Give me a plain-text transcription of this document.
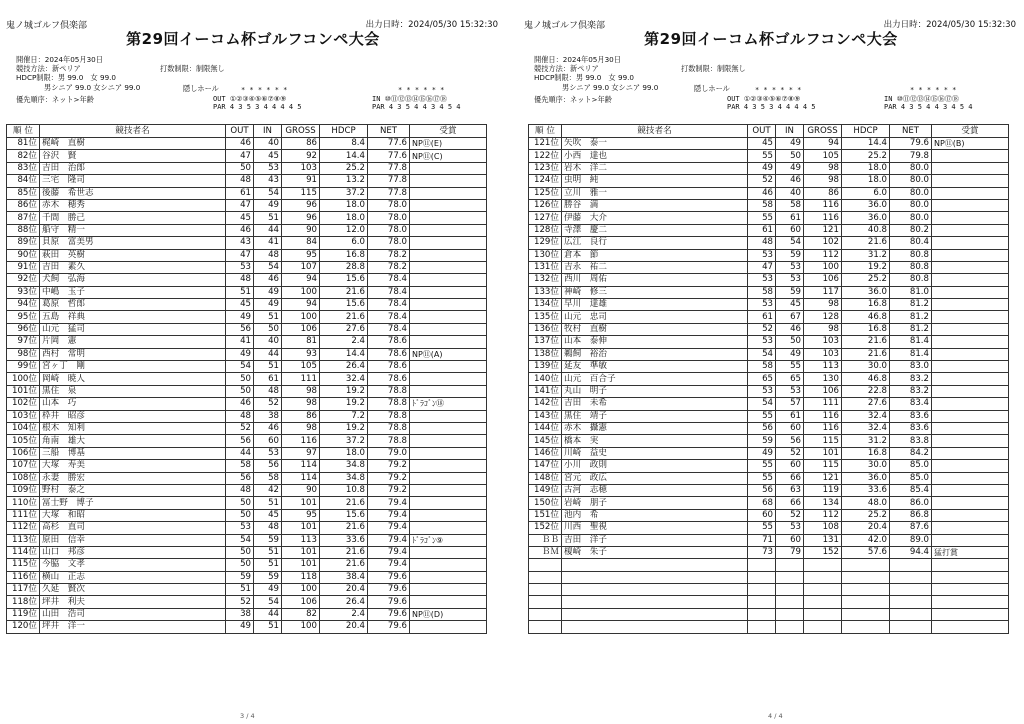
鬼ノ城ゴルフ倶楽部	出力日時：2024/05/30 15:32:30
第29回イーコム杯ゴルフコンペ大会
開催日：2024年05月30日
競技方法：新ペリア
HDCP制限：男 99.0　女 99.0
男シニア 99.0 女シニア 99.0
優先順序：ネット>年齢
打数制限：制限無し
隠しホール	* * * * * *
OUT ①②③④⑤⑥⑦⑧⑨
PAR 4 3 5 3 4 4 4 4 5
* * * * * *
IN ⑩⑪⑫⑬⑭⑮⑯⑰⑱
PAR 4 3 5 4 4 3 4 5 4
順 位	競技者名	OUT	IN	GROSS	HDCP	NET	受賞
81位	梶崎　直樹	46	40	86	8.4	77.6	NP⑪(E)
82位	谷沢　賢	47	45	92	14.4	77.6	NP⑪(C)
83位	吉田　治郎	50	53	103	25.2	77.8	
84位	三宅　隆司	48	43	91	13.2	77.8	
85位	後藤　希世志	61	54	115	37.2	77.8	
86位	赤木　穂秀	47	49	96	18.0	78.0	
87位	千間　勝己	45	51	96	18.0	78.0	
88位	船守　精一	46	44	90	12.0	78.0	
89位	貝原　富美男	43	41	84	6.0	78.0	
90位	萩田　英樹	47	48	95	16.8	78.2	
91位	吉田　素久	53	54	107	28.8	78.2	
92位	犬飼　弘海	48	46	94	15.6	78.4	
93位	中嶋　玉子	51	49	100	21.6	78.4	
94位	葛原　哲郎	45	49	94	15.6	78.4	
95位	五島　祥典	49	51	100	21.6	78.4	
96位	山元　猛司	56	50	106	27.6	78.4	
97位	片岡　憲	41	40	81	2.4	78.6	
98位	西村　常明	49	44	93	14.4	78.6	NP⑪(A)
99位	宮ヶ丁　剛	54	51	105	26.4	78.6	
100位	岡崎　暁人	50	61	111	32.4	78.6	
101位	黒住　泉	50	48	98	19.2	78.8	
102位	山本　巧	46	52	98	19.2	78.8	ﾄﾞﾗｺﾞﾝ⑱
103位	枠井　昭彦	48	38	86	7.2	78.8	
104位	根木　知利	52	46	98	19.2	78.8	
105位	角南　雄大	56	60	116	37.2	78.8	
106位	三船　博基	44	53	97	18.0	79.0	
107位	大塚　寿美	58	56	114	34.8	79.2	
108位	永妻　勝宏	56	58	114	34.8	79.2	
109位	野村　泰之	48	42	90	10.8	79.2	
110位	冨士野　博子	50	51	101	21.6	79.4	
111位	大塚　和昭	50	45	95	15.6	79.4	
112位	高杉　直司	53	48	101	21.6	79.4	
113位	原田　信幸	54	59	113	33.6	79.4	ﾄﾞﾗｺﾞﾝ⑨
114位	山口　邦彦	50	51	101	21.6	79.4	
115位	今脇　文孝	50	51	101	21.6	79.4	
116位	横山　正志	59	59	118	38.4	79.6	
117位	久延　賢次	51	49	100	20.4	79.6	
118位	坪井　利夫	52	54	106	26.4	79.6	
119位	山田　浩司	38	44	82	2.4	79.6	NP⑪(D)
120位	坪井　洋一	49	51	100	20.4	79.6	
3 / 4
鬼ノ城ゴルフ倶楽部	出力日時：2024/05/30 15:32:30
第29回イーコム杯ゴルフコンペ大会
開催日：2024年05月30日
競技方法：新ペリア
HDCP制限：男 99.0　女 99.0
男シニア 99.0 女シニア 99.0
優先順序：ネット>年齢
打数制限：制限無し
隠しホール	* * * * * *
OUT ①②③④⑤⑥⑦⑧⑨
PAR 4 3 5 3 4 4 4 4 5
* * * * * *
IN ⑩⑪⑫⑬⑭⑮⑯⑰⑱
PAR 4 3 5 4 4 3 4 5 4
順 位	競技者名	OUT	IN	GROSS	HDCP	NET	受賞
121位	矢吹　泰一	45	49	94	14.4	79.6	NP⑪(B)
122位	小西　達也	55	50	105	25.2	79.8	
123位	岩木　洋二	49	49	98	18.0	80.0	
124位	虫明　純	52	46	98	18.0	80.0	
125位	立川　雅一	46	40	86	6.0	80.0	
126位	勝谷　満	58	58	116	36.0	80.0	
127位	伊藤　大介	55	61	116	36.0	80.0	
128位	寺澤　慶二	61	60	121	40.8	80.2	
129位	広江　良行	48	54	102	21.6	80.4	
130位	倉本　節	53	59	112	31.2	80.8	
131位	吉永　祐二	47	53	100	19.2	80.8	
132位	西川　周佑	53	53	106	25.2	80.8	
133位	神崎　修三	58	59	117	36.0	81.0	
134位	早川　達雄	53	45	98	16.8	81.2	
135位	山元　忠司	61	67	128	46.8	81.2	
136位	牧村　直樹	52	46	98	16.8	81.2	
137位	山本　泰伸	53	50	103	21.6	81.4	
138位	鵜飼　裕治	54	49	103	21.6	81.4	
139位	延友　準敏	58	55	113	30.0	83.0	
140位	山元　百合子	65	65	130	46.8	83.2	
141位	丸山　明子	53	53	106	22.8	83.2	
142位	吉田　未希	54	57	111	27.6	83.4	
143位	黒住　靖子	55	61	116	32.4	83.6	
144位	赤木　攝憲	56	60	116	32.4	83.6	
145位	橋本　実	59	56	115	31.2	83.8	
146位	川崎　益史	49	52	101	16.8	84.2	
147位	小川　政則	55	60	115	30.0	85.0	
148位	宮元　政広	55	66	121	36.0	85.0	
149位	古河　志穂	56	63	119	33.6	85.4	
150位	岩崎　朋子	68	66	134	48.0	86.0	
151位	池内　希	60	52	112	25.2	86.8	
152位	川西　聖視	55	53	108	20.4	87.6	
ＢＢ	吉田　洋子	71	60	131	42.0	89.0	
ＢＭ	榎崎　朱子	73	79	152	57.6	94.4	猛打賞

4 / 4
